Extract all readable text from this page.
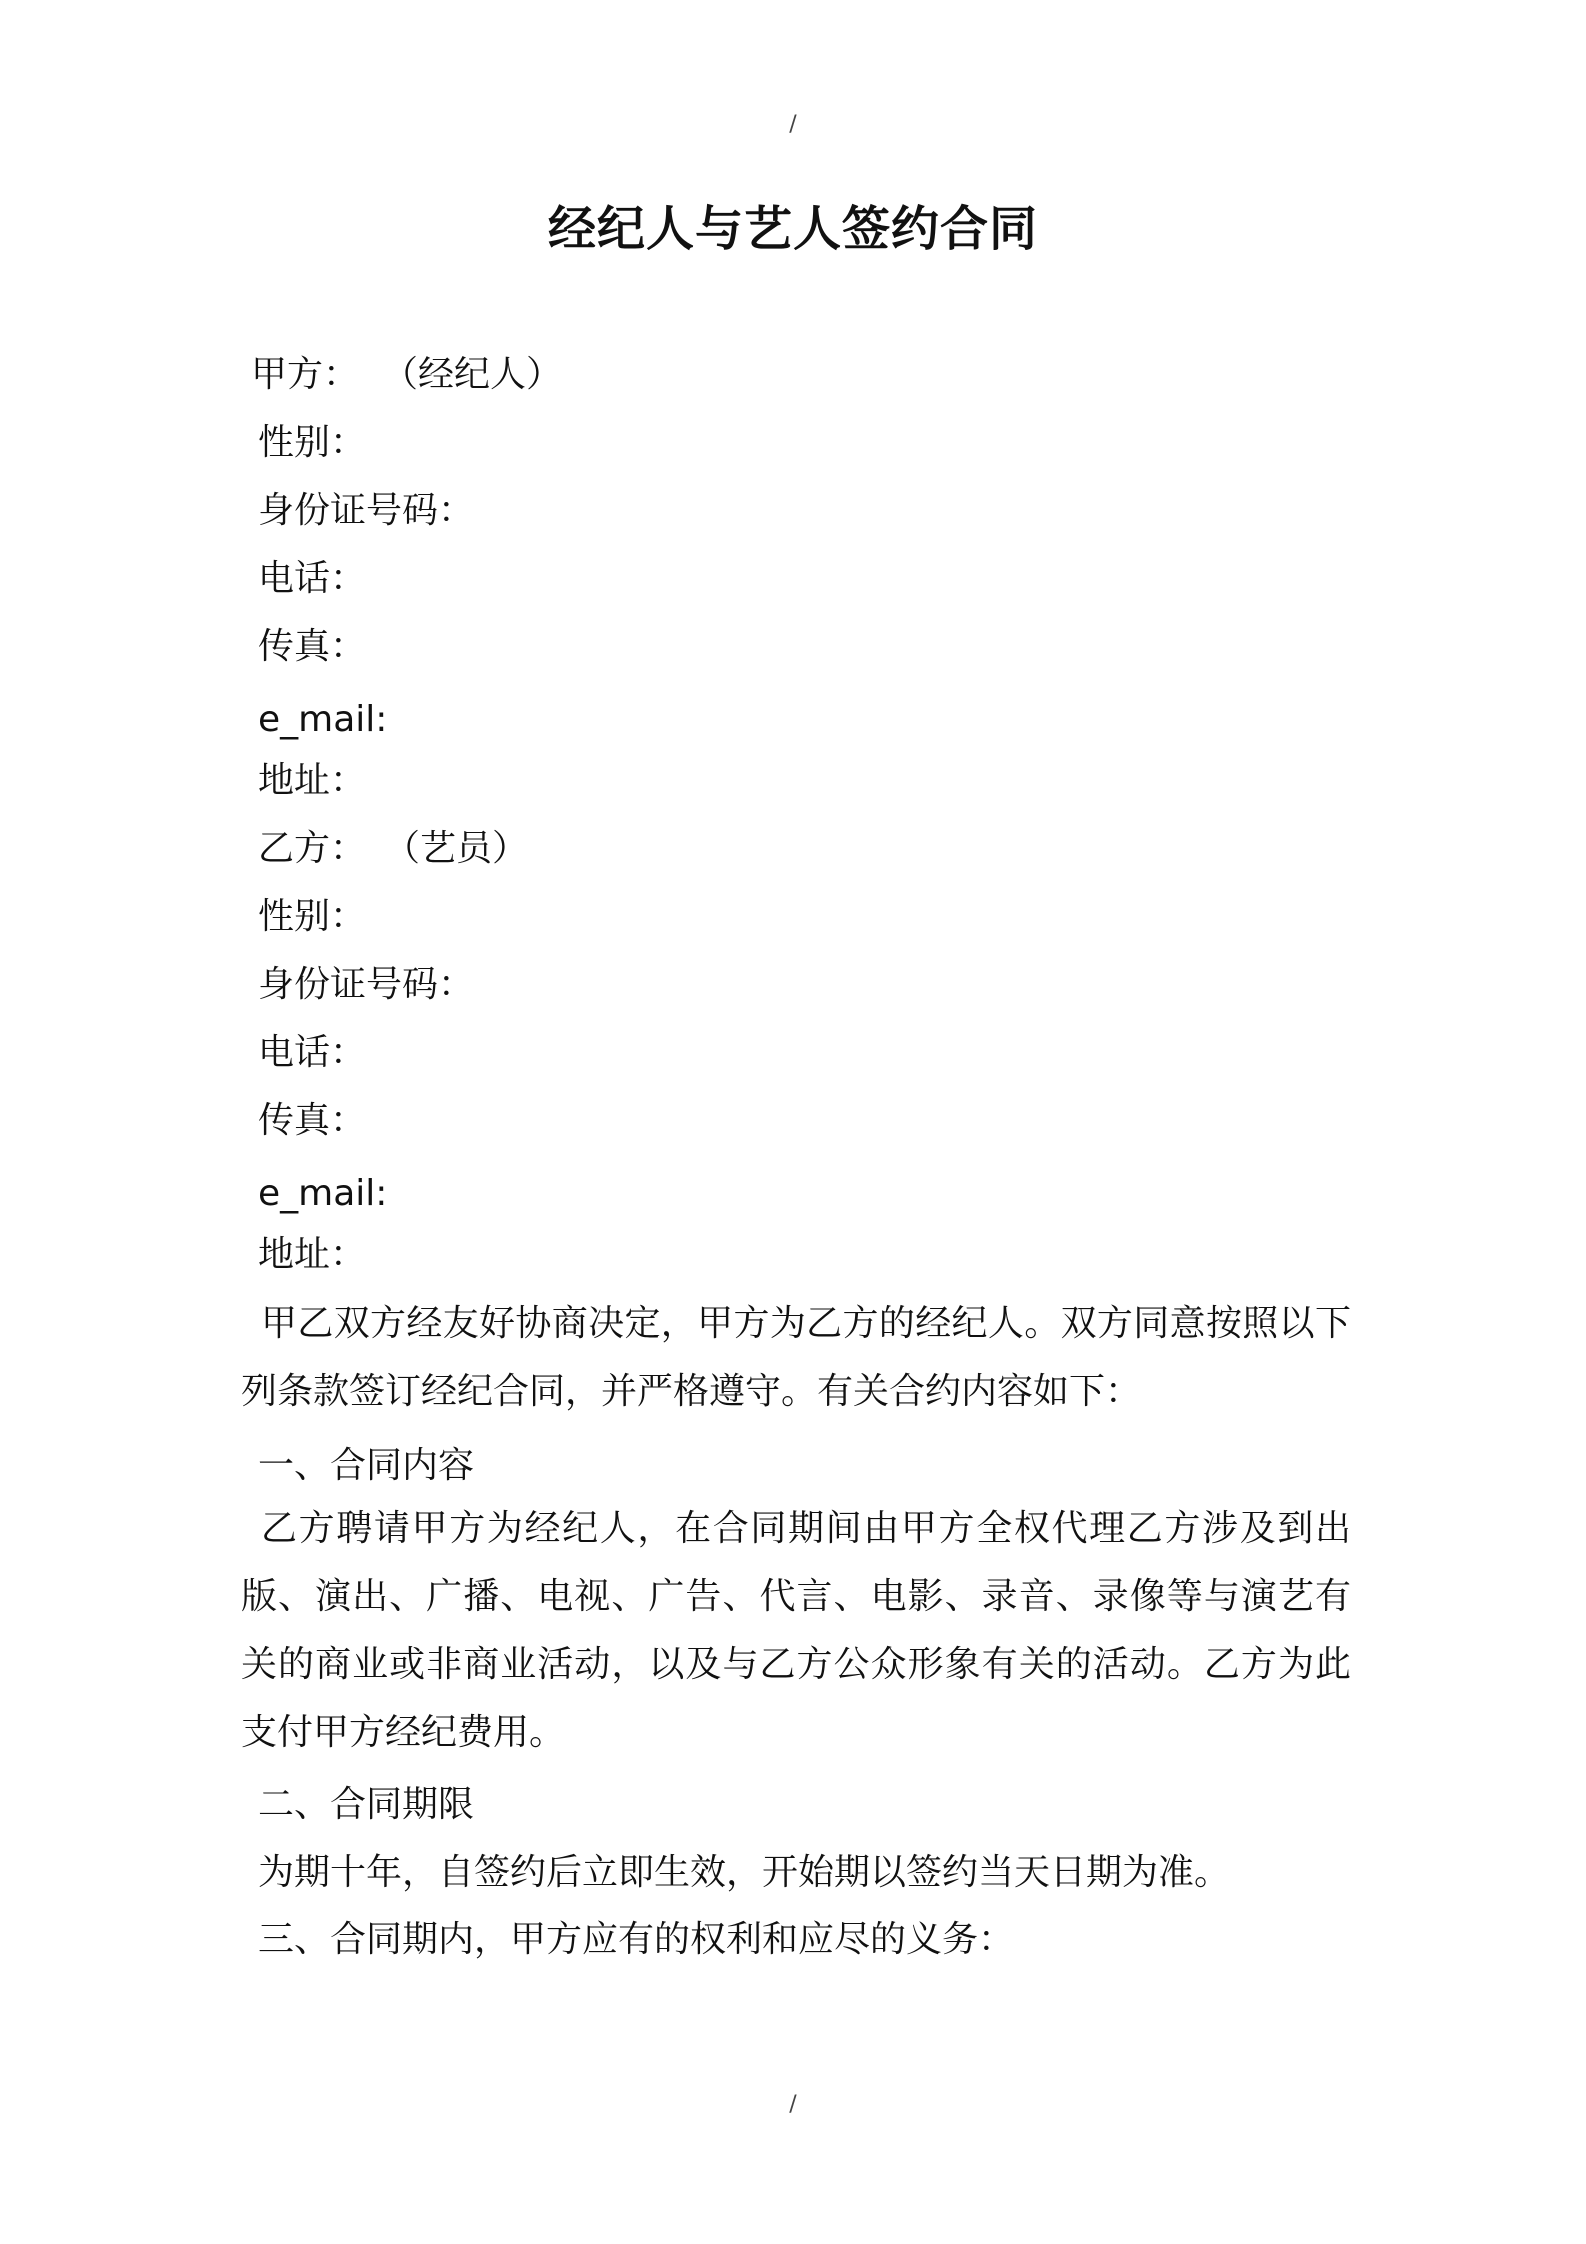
/
经纪人与艺人签约合同
甲方： （经纪人）
性别：
身份证号码：
电话：
传真：
e_mail:
地址：
乙方： （艺员）
性别：
身份证号码：
电话：
传真：
e_mail:
地址：

甲乙双方经友好协商决定，甲方为乙方的经纪人。双方同意按照以下列条款签订经纪合同，并严格遵守。有关合约内容如下：

一、合同内容

乙方聘请甲方为经纪人，在合同期间由甲方全权代理乙方涉及到出版、演出、广播、电视、广告、代言、电影、录音、录像等与演艺有关的商业或非商业活动，以及与乙方公众形象有关的活动。乙方为此支付甲方经纪费用。

二、合同期限
为期十年，自签约后立即生效，开始期以签约当天日期为准。
三、合同期内，甲方应有的权利和应尽的义务：
/
